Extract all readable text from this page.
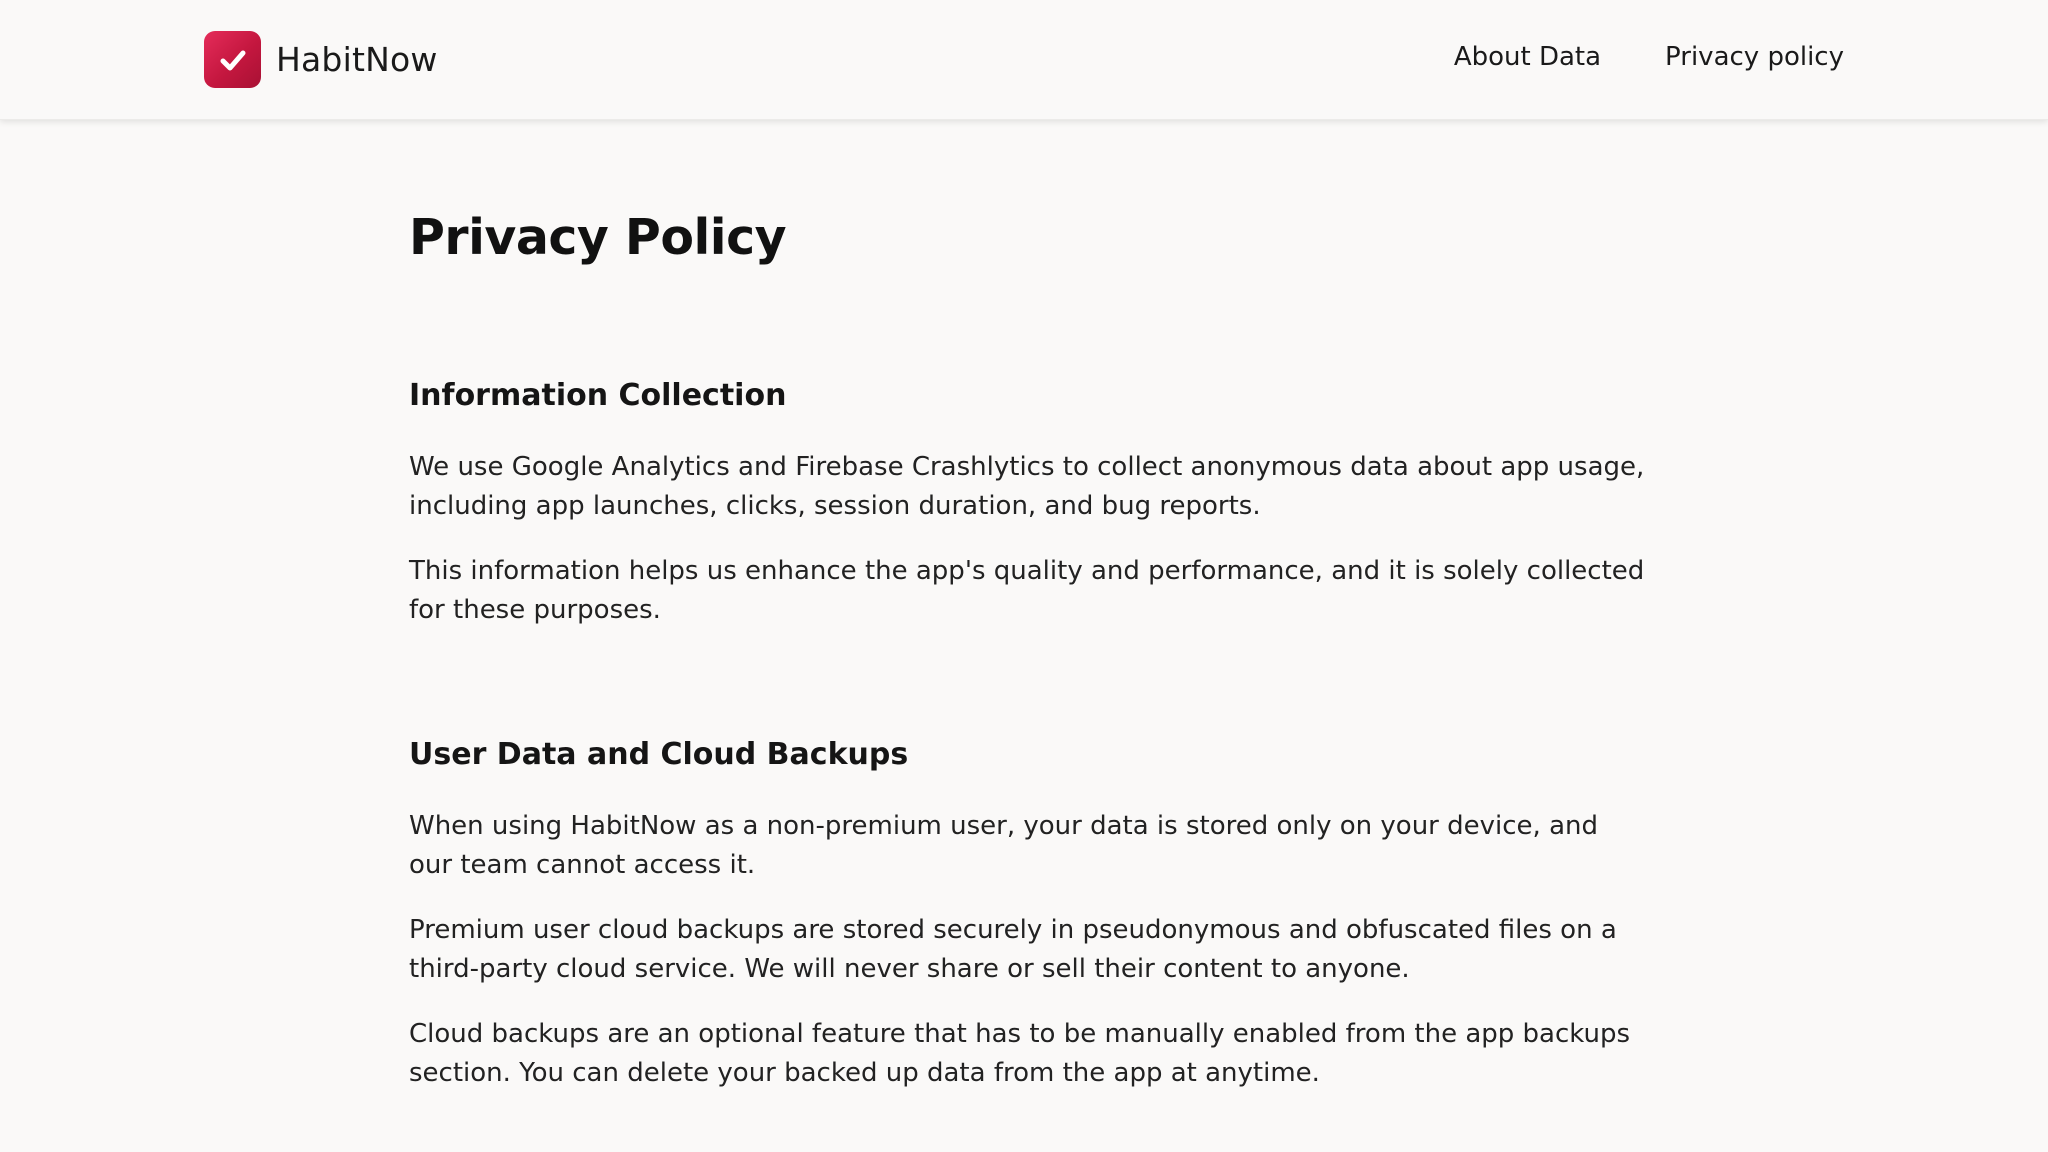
HabitNow	About Data Privacy policy
Privacy Policy
Information Collection

We use Google Analytics and Firebase Crashlytics to collect anonymous data about app usage, including app launches, clicks, session duration, and bug reports.

This information helps us enhance the app's quality and performance, and it is solely collected for these purposes.

User Data and Cloud Backups

When using HabitNow as a non-premium user, your data is stored only on your device, and our team cannot access it.

Premium user cloud backups are stored securely in pseudonymous and obfuscated files on a third-party cloud service. We will never share or sell their content to anyone.

Cloud backups are an optional feature that has to be manually enabled from the app backups section. You can delete your backed up data from the app at anytime.
